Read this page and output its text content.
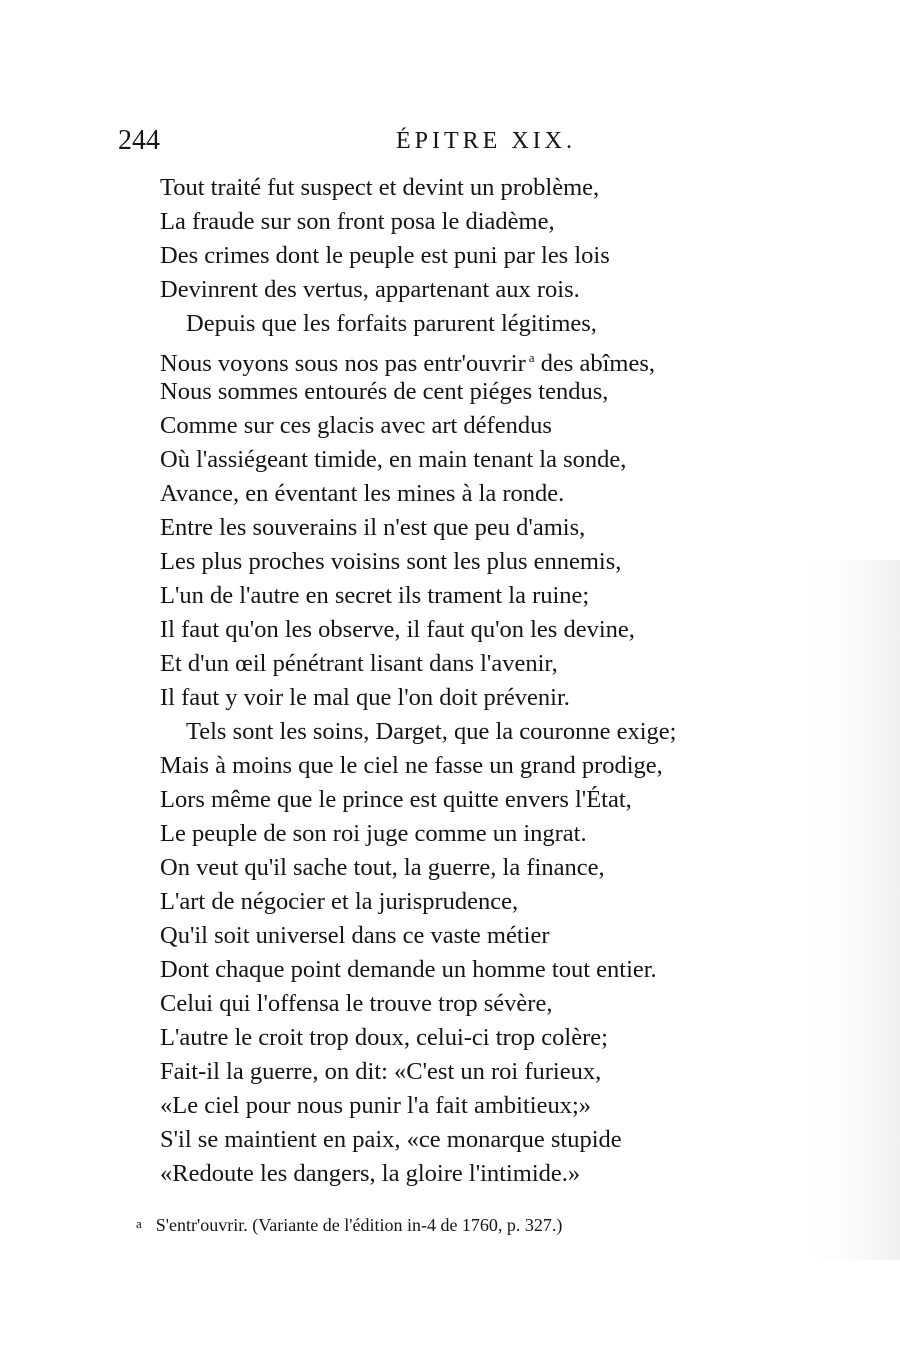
244	ÉPITRE XIX.
Tout traité fut suspect et devint un problème,
La fraude sur son front posa le diadème,
Des crimes dont le peuple est puni par les lois
Devinrent des vertus, appartenant aux rois.
Depuis que les forfaits parurent légitimes,
Nous voyons sous nos pas entr'ouvrir $^a$ des abîmes,
Nous sommes entourés de cent piéges tendus,
Comme sur ces glacis avec art défendus
Où l'assiégeant timide, en main tenant la sonde,
Avance, en éventant les mines à la ronde.
Entre les souverains il n'est que peu d'amis,
Les plus proches voisins sont les plus ennemis,
L'un de l'autre en secret ils trament la ruine;
Il faut qu'on les observe, il faut qu'on les devine,
Et d'un œil pénétrant lisant dans l'avenir,
Il faut y voir le mal que l'on doit prévenir.
Tels sont les soins, Darget, que la couronne exige;
Mais à moins que le ciel ne fasse un grand prodige,
Lors même que le prince est quitte envers l'État,
Le peuple de son roi juge comme un ingrat.
On veut qu'il sache tout, la guerre, la finance,
L'art de négocier et la jurisprudence,
Qu'il soit universel dans ce vaste métier
Dont chaque point demande un homme tout entier.
Celui qui l'offensa le trouve trop sévère,
L'autre le croit trop doux, celui-ci trop colère;
Fait-il la guerre, on dit: «C'est un roi furieux,
«Le ciel pour nous punir l'a fait ambitieux;»
S'il se maintient en paix, «ce monarque stupide
«Redoute les dangers, la gloire l'intimide.»
a S'entr'ouvrir. (Variante de l'édition in-4 de 1760, p. 327.)
